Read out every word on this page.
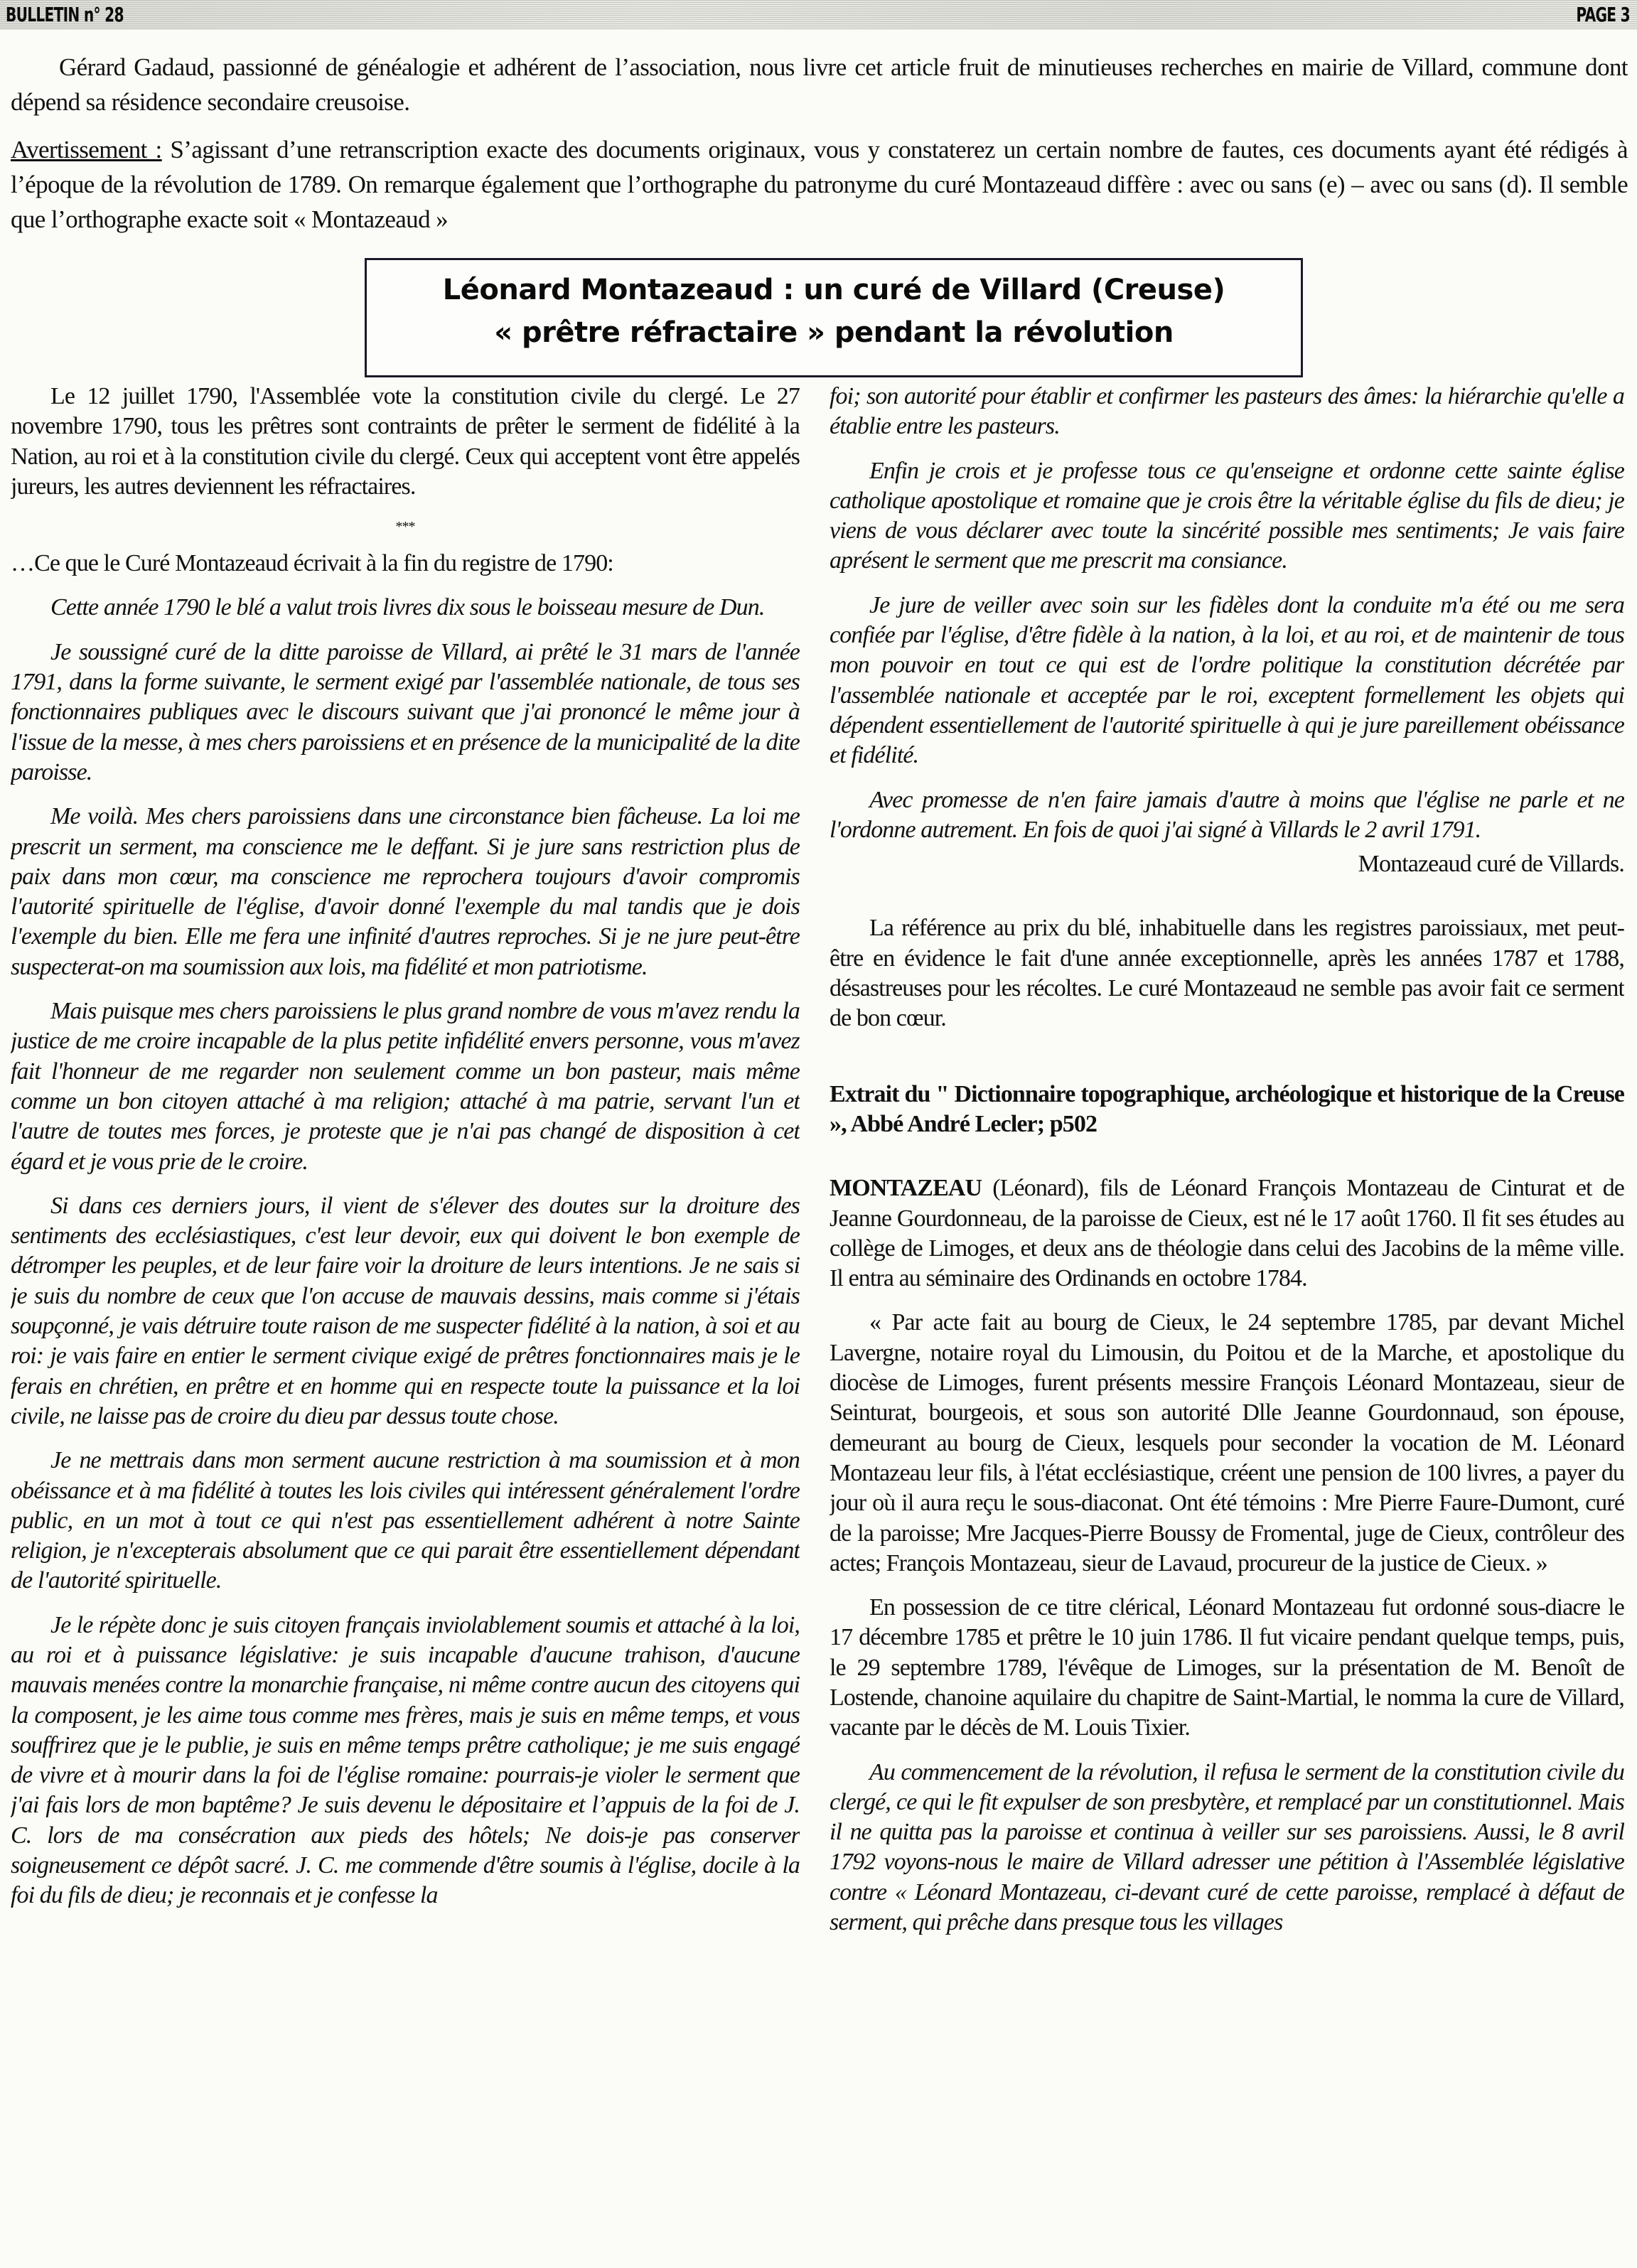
BULLETIN n° 28	PAGE 3

Gérard Gadaud, passionné de généalogie et adhérent de l’association, nous livre cet article fruit de minutieuses recherches en mairie de Villard, commune dont dépend sa résidence secondaire creusoise.

Avertissement : S’agissant d’une retranscription exacte des documents originaux, vous y constaterez un certain nombre de fautes, ces documents ayant été rédigés à l’époque de la révolution de 1789. On remarque également que l’orthographe du patronyme du curé Montazeaud diffère : avec ou sans (e) – avec ou sans (d). Il semble que l’orthographe exacte soit « Montazeaud »

Léonard Montazeaud : un curé de Villard (Creuse)
« prêtre réfractaire » pendant la révolution

Le 12 juillet 1790, l'Assemblée vote la constitution civile du clergé. Le 27 novembre 1790, tous les prêtres sont contraints de prêter le serment de fidélité à la Nation, au roi et à la constitution civile du clergé. Ceux qui acceptent vont être appelés jureurs, les autres deviennent les réfractaires.

***

…Ce que le Curé Montazeaud écrivait à la fin du registre de 1790:

Cette année 1790 le blé a valut trois livres dix sous le boisseau mesure de Dun.

Je soussigné curé de la ditte paroisse de Villard, ai prêté le 31 mars de l'année 1791, dans la forme suivante, le serment exigé par l'assemblée nationale, de tous ses fonctionnaires publiques avec le discours suivant que j'ai prononcé le même jour à l'issue de la messe, à mes chers paroissiens et en présence de la municipalité de la dite paroisse.

Me voilà. Mes chers paroissiens dans une circonstance bien fâcheuse. La loi me prescrit un serment, ma conscience me le deffant. Si je jure sans restriction plus de paix dans mon cœur, ma conscience me reprochera toujours d'avoir compromis l'autorité spirituelle de l'église, d'avoir donné l'exemple du mal tandis que je dois l'exemple du bien. Elle me fera une infinité d'autres reproches. Si je ne jure peut-être suspecterat-on ma soumission aux lois, ma fidélité et mon patriotisme.

Mais puisque mes chers paroissiens le plus grand nombre de vous m'avez rendu la justice de me croire incapable de la plus petite infidélité envers personne, vous m'avez fait l'honneur de me regarder non seulement comme un bon pasteur, mais même comme un bon citoyen attaché à ma religion; attaché à ma patrie, servant l'un et l'autre de toutes mes forces, je proteste que je n'ai pas changé de disposition à cet égard et je vous prie de le croire.

Si dans ces derniers jours, il vient de s'élever des doutes sur la droiture des sentiments des ecclésiastiques, c'est leur devoir, eux qui doivent le bon exemple de détromper les peuples, et de leur faire voir la droiture de leurs intentions. Je ne sais si je suis du nombre de ceux que l'on accuse de mauvais dessins, mais comme si j'étais soupçonné, je vais détruire toute raison de me suspecter fidélité à la nation, à soi et au roi: je vais faire en entier le serment civique exigé de prêtres fonctionnaires mais je le ferais en chrétien, en prêtre et en homme qui en respecte toute la puissance et la loi civile, ne laisse pas de croire du dieu par dessus toute chose.

Je ne mettrais dans mon serment aucune restriction à ma soumission et à mon obéissance et à ma fidélité à toutes les lois civiles qui intéressent généralement l'ordre public, en un mot à tout ce qui n'est pas essentiellement adhérent à notre Sainte religion, je n'excepterais absolument que ce qui parait être essentiellement dépendant de l'autorité spirituelle.

Je le répète donc je suis citoyen français inviolablement soumis et attaché à la loi, au roi et à puissance législative: je suis incapable d'aucune trahison, d'aucune mauvais menées contre la monarchie française, ni même contre aucun des citoyens qui la composent, je les aime tous comme mes frères, mais je suis en même temps, et vous souffrirez que je le publie, je suis en même temps prêtre catholique; je me suis engagé de vivre et à mourir dans la foi de l'église romaine: pourrais-je violer le serment que j'ai fais lors de mon baptême? Je suis devenu le dépositaire et l’appuis de la foi de J. C. lors de ma consécration aux pieds des hôtels; Ne dois-je pas conserver soigneusement ce dépôt sacré. J. C. me commende d'être soumis à l'église, docile à la foi du fils de dieu; je reconnais et je confesse la

foi; son autorité pour établir et confirmer les pasteurs des âmes: la hiérarchie qu'elle a établie entre les pasteurs.

Enfin je crois et je professe tous ce qu'enseigne et ordonne cette sainte église catholique apostolique et romaine que je crois être la véritable église du fils de dieu; je viens de vous déclarer avec toute la sincérité possible mes sentiments; Je vais faire aprésent le serment que me prescrit ma consiance.

Je jure de veiller avec soin sur les fidèles dont la conduite m'a été ou me sera confiée par l'église, d'être fidèle à la nation, à la loi, et au roi, et de maintenir de tous mon pouvoir en tout ce qui est de l'ordre politique la constitution décrétée par l'assemblée nationale et acceptée par le roi, exceptent formellement les objets qui dépendent essentiellement de l'autorité spirituelle à qui je jure pareillement obéissance et fidélité.

Avec promesse de n'en faire jamais d'autre à moins que l'église ne parle et ne l'ordonne autrement. En fois de quoi j'ai signé à Villards le 2 avril 1791.

Montazeaud curé de Villards.

La référence au prix du blé, inhabituelle dans les registres paroissiaux, met peut-être en évidence le fait d'une année exceptionnelle, après les années 1787 et 1788, désastreuses pour les récoltes. Le curé Montazeaud ne semble pas avoir fait ce serment de bon cœur.

Extrait du " Dictionnaire topographique, archéologique et historique de la Creuse », Abbé André Lecler; p502

MONTAZEAU (Léonard), fils de Léonard François Montazeau de Cinturat et de Jeanne Gourdonneau, de la paroisse de Cieux, est né le 17 août 1760. Il fit ses études au collège de Limoges, et deux ans de théologie dans celui des Jacobins de la même ville. Il entra au séminaire des Ordinands en octobre 1784.

« Par acte fait au bourg de Cieux, le 24 septembre 1785, par devant Michel Lavergne, notaire royal du Limousin, du Poitou et de la Marche, et apostolique du diocèse de Limoges, furent présents messire François Léonard Montazeau, sieur de Seinturat, bourgeois, et sous son autorité Dlle Jeanne Gourdonnaud, son épouse, demeurant au bourg de Cieux, lesquels pour seconder la vocation de M. Léonard Montazeau leur fils, à l'état ecclésiastique, créent une pension de 100 livres, a payer du jour où il aura reçu le sous-diaconat. Ont été témoins : Mre Pierre Faure-Dumont, curé de la paroisse; Mre Jacques-Pierre Boussy de Fromental, juge de Cieux, contrôleur des actes; François Montazeau, sieur de Lavaud, procureur de la justice de Cieux. »

En possession de ce titre clérical, Léonard Montazeau fut ordonné sous-diacre le 17 décembre 1785 et prêtre le 10 juin 1786. Il fut vicaire pendant quelque temps, puis, le 29 septembre 1789, l'évêque de Limoges, sur la présentation de M. Benoît de Lostende, chanoine aquilaire du chapitre de Saint-Martial, le nomma la cure de Villard, vacante par le décès de M. Louis Tixier.

Au commencement de la révolution, il refusa le serment de la constitution civile du clergé, ce qui le fit expulser de son presbytère, et remplacé par un constitutionnel. Mais il ne quitta pas la paroisse et continua à veiller sur ses paroissiens. Aussi, le 8 avril 1792 voyons-nous le maire de Villard adresser une pétition à l'Assemblée législative contre « Léonard Montazeau, ci-devant curé de cette paroisse, remplacé à défaut de serment, qui prêche dans presque tous les villages
